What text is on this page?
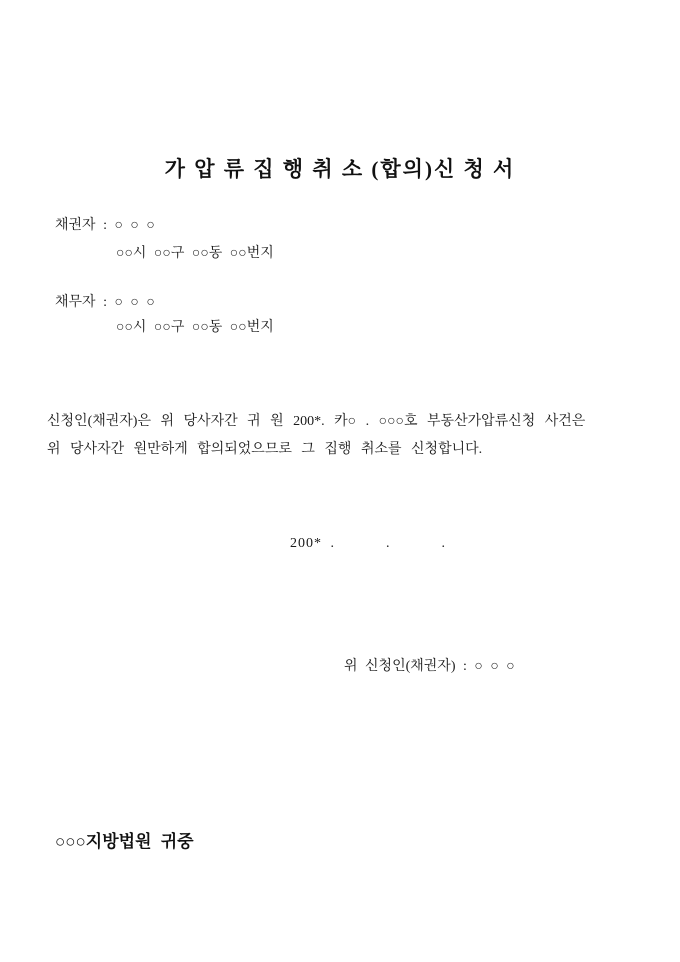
가 압 류 집 행 취 소 (합의)신 청 서
채권자 : ○ ○ ○
○○시 ○○구 ○○동 ○○번지
채무자 : ○ ○ ○
○○시 ○○구 ○○동 ○○번지
신청인(채권자)은 위 당사자간 귀 원 200*. 카○ . ○○○호 부동산가압류신청 사건은
위 당사자간 원만하게 합의되었으므로 그 집행 취소를 신청합니다.
200* .      .      .
위 신청인(채권자) : ○ ○ ○
○○○지방법원 귀중
